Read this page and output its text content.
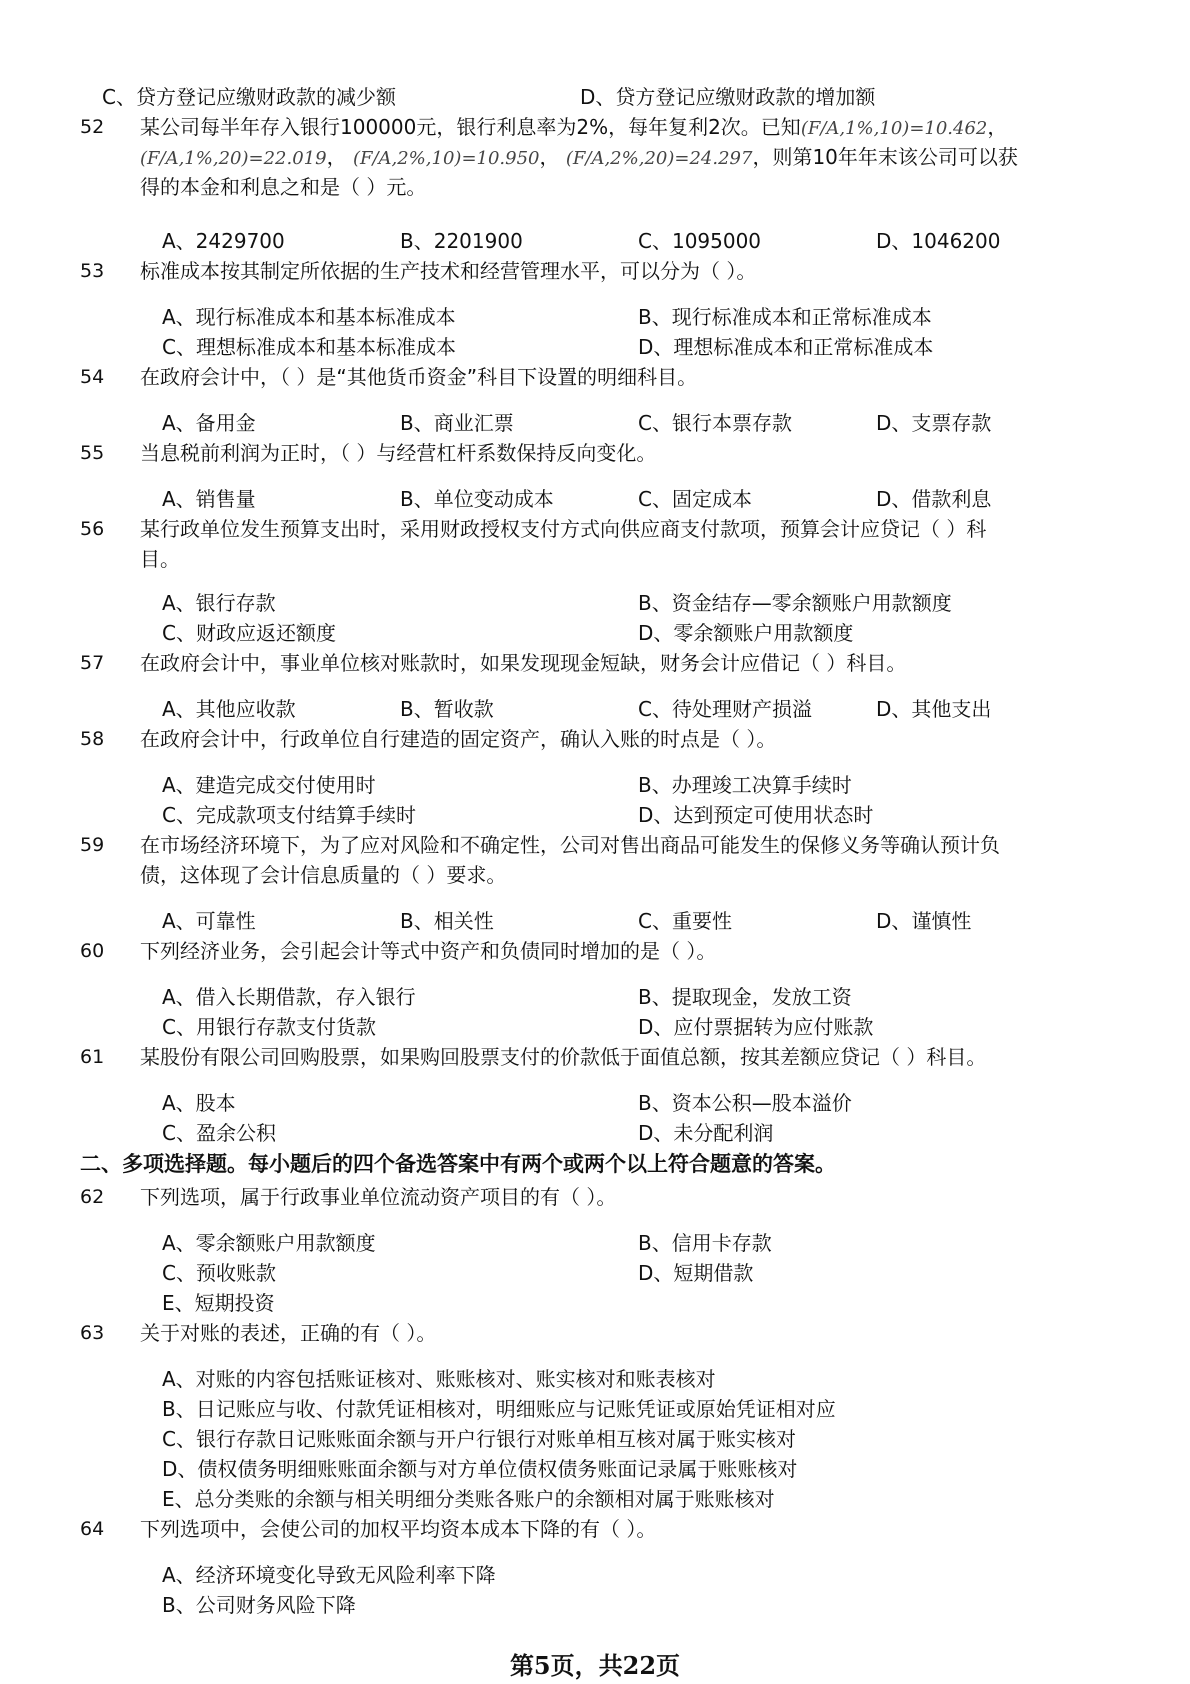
C、贷方登记应缴财政款的减少额	D、贷方登记应缴财政款的增加额
52 某公司每半年存入银行100000元，银行利息率为2%，每年复利2次。已知(F/A,1%,10)=10.462，
(F/A,1%,20)=22.019， (F/A,2%,10)=10.950， (F/A,2%,20)=24.297，则第10年年末该公司可以获
得的本金和利息之和是（ ）元。
A、2429700	B、2201900	C、1095000	D、1046200
53 标准成本按其制定所依据的生产技术和经营管理水平，可以分为（ ）。
A、现行标准成本和基本标准成本	B、现行标准成本和正常标准成本
C、理想标准成本和基本标准成本	D、理想标准成本和正常标准成本
54 在政府会计中，（ ）是“其他货币资金”科目下设置的明细科目。
A、备用金	B、商业汇票	C、银行本票存款	D、支票存款
55 当息税前利润为正时，（ ）与经营杠杆系数保持反向变化。
A、销售量	B、单位变动成本	C、固定成本	D、借款利息
56 某行政单位发生预算支出时，采用财政授权支付方式向供应商支付款项，预算会计应贷记（ ）科
目。
A、银行存款	B、资金结存—零余额账户用款额度
C、财政应返还额度	D、零余额账户用款额度
57 在政府会计中，事业单位核对账款时，如果发现现金短缺，财务会计应借记（ ）科目。
A、其他应收款	B、暂收款	C、待处理财产损溢	D、其他支出
58 在政府会计中，行政单位自行建造的固定资产，确认入账的时点是（ ）。
A、建造完成交付使用时	B、办理竣工决算手续时
C、完成款项支付结算手续时	D、达到预定可使用状态时
59 在市场经济环境下，为了应对风险和不确定性，公司对售出商品可能发生的保修义务等确认预计负
债，这体现了会计信息质量的（ ）要求。
A、可靠性	B、相关性	C、重要性	D、谨慎性
60 下列经济业务，会引起会计等式中资产和负债同时增加的是（ ）。
A、借入长期借款，存入银行	B、提取现金，发放工资
C、用银行存款支付货款	D、应付票据转为应付账款
61 某股份有限公司回购股票，如果购回股票支付的价款低于面值总额，按其差额应贷记（ ）科目。
A、股本	B、资本公积—股本溢价
C、盈余公积	D、未分配利润
二、多项选择题。每小题后的四个备选答案中有两个或两个以上符合题意的答案。
62 下列选项，属于行政事业单位流动资产项目的有（ ）。
A、零余额账户用款额度	B、信用卡存款
C、预收账款	D、短期借款
E、短期投资
63 关于对账的表述，正确的有（ ）。
A、对账的内容包括账证核对、账账核对、账实核对和账表核对
B、日记账应与收、付款凭证相核对，明细账应与记账凭证或原始凭证相对应
C、银行存款日记账账面余额与开户行银行对账单相互核对属于账实核对
D、债权债务明细账账面余额与对方单位债权债务账面记录属于账账核对
E、总分类账的余额与相关明细分类账各账户的余额相对属于账账核对
64 下列选项中，会使公司的加权平均资本成本下降的有（ ）。
A、经济环境变化导致无风险利率下降
B、公司财务风险下降
第5页，共22页
